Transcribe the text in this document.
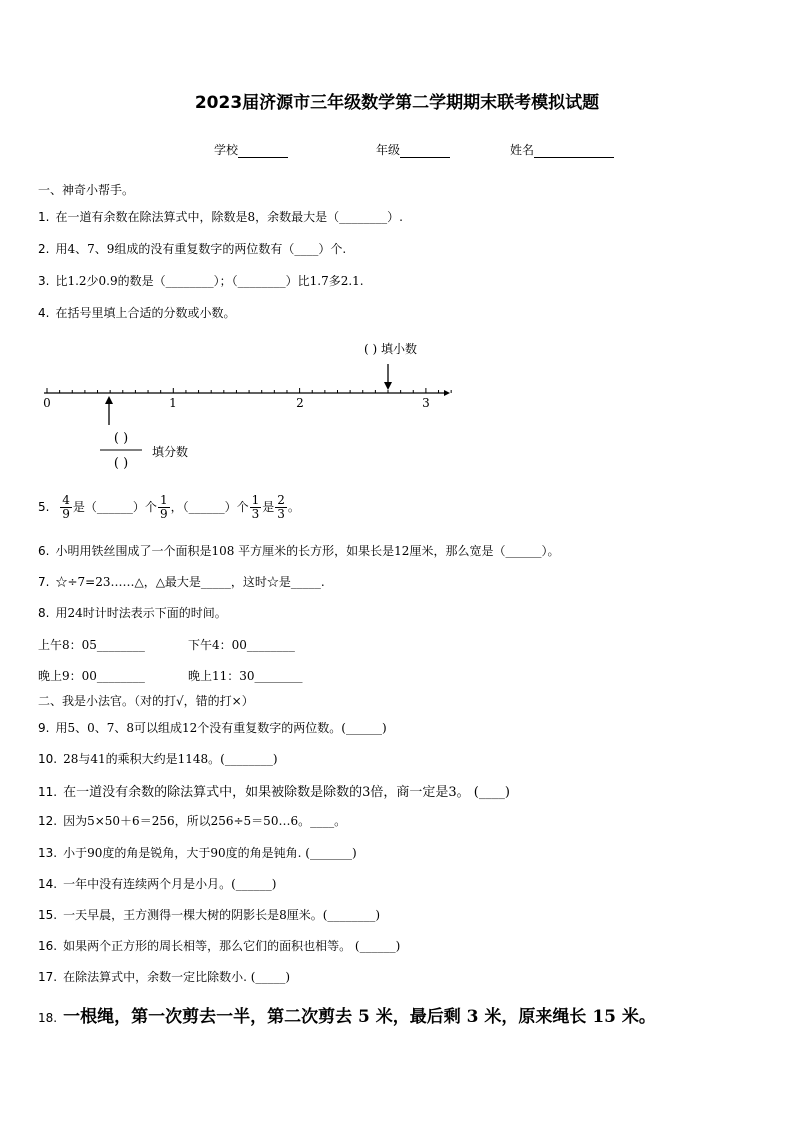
2023届济源市三年级数学第二学期期末联考模拟试题
学校	年级	姓名
一、神奇小帮手。
1. 在一道有余数在除法算式中，除数是8，余数最大是（________）.
2. 用4、7、9组成的没有重复数字的两位数有（____）个.
3. 比1.2少0.9的数是（________）；（________）比1.7多2.1.
4. 在括号里填上合适的分数或小数。
0	1	2	3
( ) 填小数
( )
( )
填分数
5. $\frac{4}{9}$ 是（______）个 $\frac{1}{9}$ ，（______）个 $\frac{1}{3}$ 是 $\frac{2}{3}$ 。
6. 小明用铁丝围成了一个面积是108 平方厘米的长方形，如果长是12厘米，那么宽是（______）。
7. ☆÷7=23……△，△最大是_____，这时☆是_____.
8. 用24时计时法表示下面的时间。
上午8：05________	下午4：00________
晚上9：00________	晚上11：30________
二、我是小法官。（对的打√，错的打×）
9. 用5、0、7、8可以组成12个没有重复数字的两位数。(______)
10. 28与41的乘积大约是1148。(________)
11. 在一道没有余数的除法算式中，如果被除数是除数的3倍，商一定是3。 (____)
12. 因为5×50＋6＝256，所以256÷5＝50…6。____。
13. 小于90度的角是锐角，大于90度的角是钝角. (_______)
14. 一年中没有连续两个月是小月。(______)
15. 一天早晨，王方测得一棵大树的阴影长是8厘米。(________)
16. 如果两个正方形的周长相等，那么它们的面积也相等。 (______)
17. 在除法算式中，余数一定比除数小. (_____)
18. 一根绳，第一次剪去一半，第二次剪去 5 米，最后剩 3 米，原来绳长 15 米。
